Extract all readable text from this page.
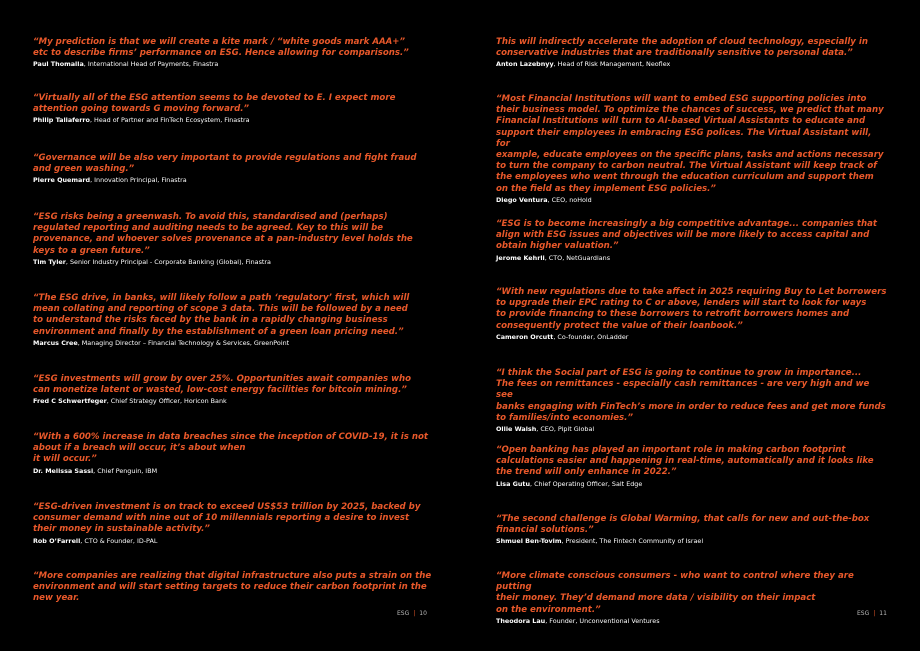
“My prediction is that we will create a kite mark / “white goods mark AAA+”
etc to describe firms’ performance on ESG. Hence allowing for comparisons.”

Paul Thomalla, International Head of Payments, Finastra

“Virtually all of the ESG attention seems to be devoted to E. I expect more
attention going towards G moving forward.”

Philip Taliaferro, Head of Partner and FinTech Ecosystem, Finastra

“Governance will be also very important to provide regulations and fight fraud
and green washing.”

Pierre Quemard, Innovation Principal, Finastra

“ESG risks being a greenwash. To avoid this, standardised and (perhaps)
regulated reporting and auditing needs to be agreed. Key to this will be
provenance, and whoever solves provenance at a pan-industry level holds the
keys to a green future.”

Tim Tyler, Senior Industry Principal - Corporate Banking (Global), Finastra

“The ESG drive, in banks, will likely follow a path ‘regulatory’ first, which will
mean collating and reporting of scope 3 data. This will be followed by a need
to understand the risks faced by the bank in a rapidly changing business
environment and finally by the establishment of a green loan pricing need.”

Marcus Cree, Managing Director – Financial Technology & Services, GreenPoint

“ESG investments will grow by over 25%. Opportunities await companies who
can monetize latent or wasted, low-cost energy facilities for bitcoin mining.”

Fred C Schwertfeger, Chief Strategy Officer, Horicon Bank

“With a 600% increase in data breaches since the inception of COVID-19, it is not
about if a breach will occur, it’s about when
it will occur.”

Dr. Melissa Sassi, Chief Penguin, IBM

“ESG-driven investment is on track to exceed US$53 trillion by 2025, backed by
consumer demand with nine out of 10 millennials reporting a desire to invest
their money in sustainable activity.”

Rob O’Farrell, CTO & Founder, ID-PAL

“More companies are realizing that digital infrastructure also puts a strain on the
environment and will start setting targets to reduce their carbon footprint in the
new year.

ESG | 10

This will indirectly accelerate the adoption of cloud technology, especially in
conservative industries that are traditionally sensitive to personal data.”

Anton Lazebnyy, Head of Risk Management, Neoflex

“Most Financial Institutions will want to embed ESG supporting policies into
their business model. To optimize the chances of success, we predict that many
Financial Institutions will turn to AI-based Virtual Assistants to educate and
support their employees in embracing ESG polices. The Virtual Assistant will, for
example, educate employees on the specific plans, tasks and actions necessary
to turn the company to carbon neutral. The Virtual Assistant will keep track of
the employees who went through the education curriculum and support them
on the field as they implement ESG policies.”

Diego Ventura, CEO, noHold

“ESG is to become increasingly a big competitive advantage... companies that
align with ESG issues and objectives will be more likely to access capital and
obtain higher valuation.”

Jerome Kehrli, CTO, NetGuardians

“With new regulations due to take affect in 2025 requiring Buy to Let borrowers
to upgrade their EPC rating to C or above, lenders will start to look for ways
to provide financing to these borrowers to retrofit borrowers homes and
consequently protect the value of their loanbook.”

Cameron Orcutt, Co-founder, OnLadder

“I think the Social part of ESG is going to continue to grow in importance...
The fees on remittances - especially cash remittances - are very high and we see
banks engaging with FinTech’s more in order to reduce fees and get more funds
to families/into economies.”

Ollie Walsh, CEO, Pipit Global

“Open banking has played an important role in making carbon footprint
calculations easier and happening in real-time, automatically and it looks like
the trend will only enhance in 2022.”

Lisa Gutu, Chief Operating Officer, Salt Edge

“The second challenge is Global Warming, that calls for new and out-the-box
financial solutions.”

Shmuel Ben-Tovim, President, The Fintech Community of Israel

“More climate conscious consumers - who want to control where they are putting
their money. They’d demand more data / visibility on their impact
on the environment.”

Theodora Lau, Founder, Unconventional Ventures
ESG | 11
